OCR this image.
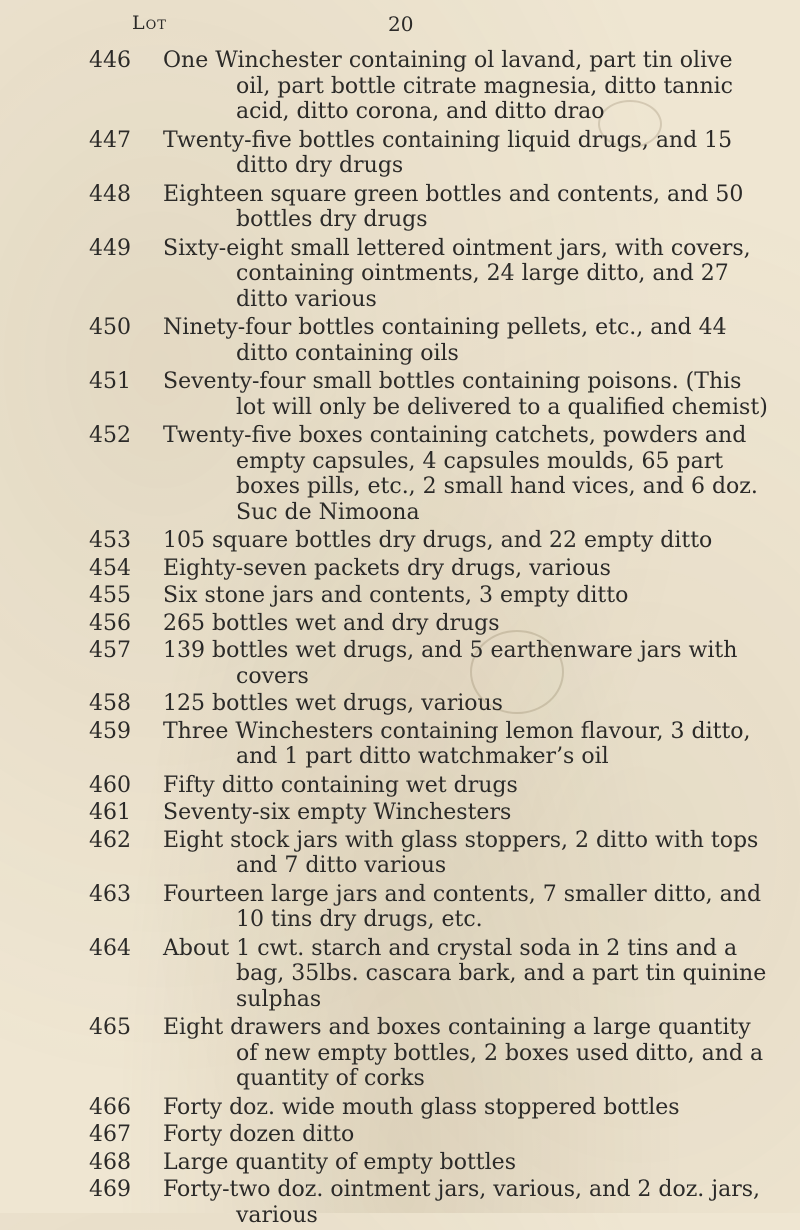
Lot	20
446	One Winchester containing ol lavand, part tin olive oil, part bottle citrate magnesia, ditto tannic acid, ditto corona, and ditto drao
447	Twenty-five bottles containing liquid drugs, and 15 ditto dry drugs
448	Eighteen square green bottles and contents, and 50 bottles dry drugs
449	Sixty-eight small lettered ointment jars, with covers, containing ointments, 24 large ditto, and 27 ditto various
450	Ninety-four bottles containing pellets, etc., and 44 ditto containing oils
451	Seventy-four small bottles containing poisons. (This lot will only be delivered to a qualified chemist)
452	Twenty-five boxes containing catchets, powders and empty capsules, 4 capsules moulds, 65 part boxes pills, etc., 2 small hand vices, and 6 doz. Suc de Nimoona
453	105 square bottles dry drugs, and 22 empty ditto
454	Eighty-seven packets dry drugs, various
455	Six stone jars and contents, 3 empty ditto
456	265 bottles wet and dry drugs
457	139 bottles wet drugs, and 5 earthenware jars with covers
458	125 bottles wet drugs, various
459	Three Winchesters containing lemon flavour, 3 ditto, and 1 part ditto watchmaker’s oil
460	Fifty ditto containing wet drugs
461	Seventy-six empty Winchesters
462	Eight stock jars with glass stoppers, 2 ditto with tops and 7 ditto various
463	Fourteen large jars and contents, 7 smaller ditto, and 10 tins dry drugs, etc.
464	About 1 cwt. starch and crystal soda in 2 tins and a bag, 35lbs. cascara bark, and a part tin quinine sulphas
465	Eight drawers and boxes containing a large quantity of new empty bottles, 2 boxes used ditto, and a quantity of corks
466	Forty doz. wide mouth glass stoppered bottles
467	Forty dozen ditto
468	Large quantity of empty bottles
469	Forty-two doz. ointment jars, various, and 2 doz. jars, various
